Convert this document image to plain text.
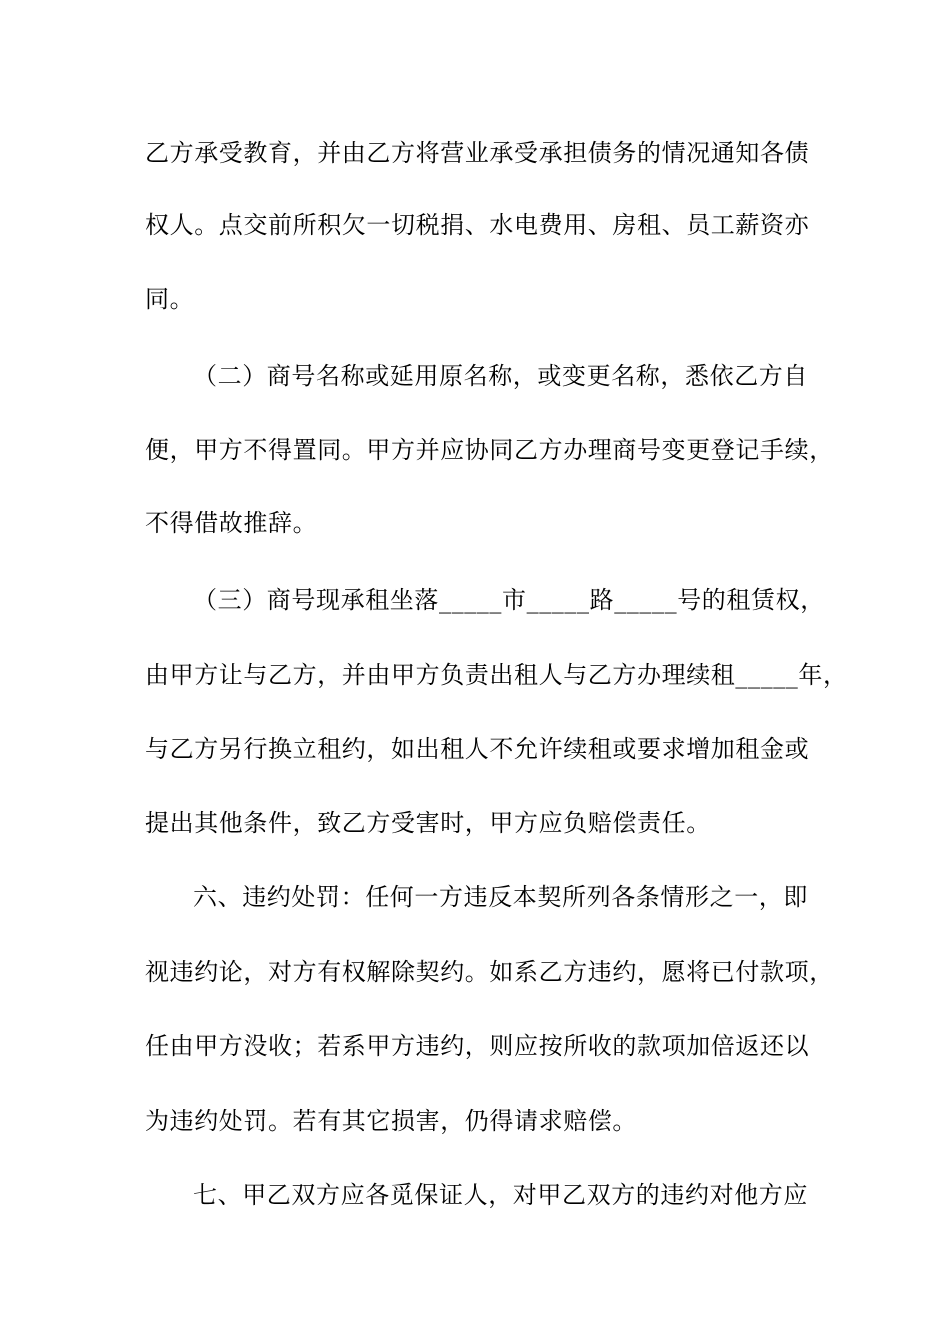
乙方承受教育，并由乙方将营业承受承担债务的情况通知各债
权人。点交前所积欠一切税捐、水电费用、房租、员工薪资亦
同。
（二）商号名称或延用原名称，或变更名称，悉依乙方自
便，甲方不得置同。甲方并应协同乙方办理商号变更登记手续，
不得借故推辞。
（三）商号现承租坐落_____市_____路_____号的租赁权，
由甲方让与乙方，并由甲方负责出租人与乙方办理续租_____年，
与乙方另行换立租约，如出租人不允许续租或要求增加租金或
提出其他条件，致乙方受害时，甲方应负赔偿责任。
六、违约处罚：任何一方违反本契所列各条情形之一，即
视违约论，对方有权解除契约。如系乙方违约，愿将已付款项，
任由甲方没收；若系甲方违约，则应按所收的款项加倍返还以
为违约处罚。若有其它损害，仍得请求赔偿。
七、甲乙双方应各觅保证人，对甲乙双方的违约对他方应
